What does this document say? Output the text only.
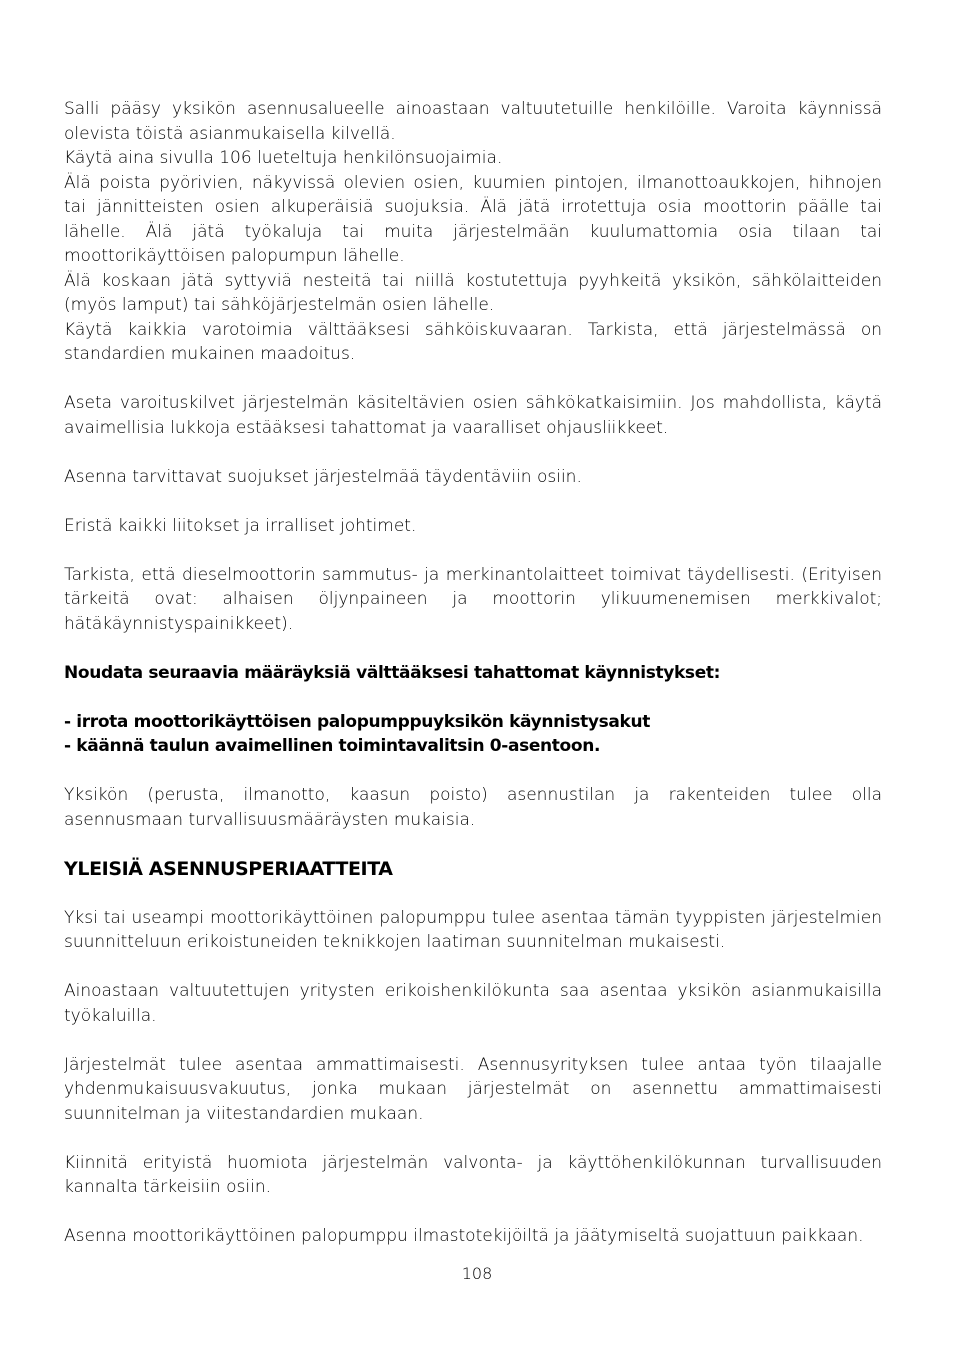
Salli pääsy yksikön asennusalueelle ainoastaan valtuutetuille henkilöille. Varoita käynnissä olevista töistä asianmukaisella kilvellä.

Käytä aina sivulla 106 lueteltuja henkilönsuojaimia.

Älä poista pyörivien, näkyvissä olevien osien, kuumien pintojen, ilmanottoaukkojen, hihnojen tai jännitteisten osien alkuperäisiä suojuksia. Älä jätä irrotettuja osia moottorin päälle tai lähelle. Älä jätä työkaluja tai muita järjestelmään kuulumattomia osia tilaan tai moottorikäyttöisen palopumpun lähelle.

Älä koskaan jätä syttyviä nesteitä tai niillä kostutettuja pyyhkeitä yksikön, sähkölaitteiden (myös lamput) tai sähköjärjestelmän osien lähelle.

Käytä kaikkia varotoimia välttääksesi sähköiskuvaaran. Tarkista, että järjestelmässä on standardien mukainen maadoitus.

Aseta varoituskilvet järjestelmän käsiteltävien osien sähkökatkaisimiin. Jos mahdollista, käytä avaimellisia lukkoja estääksesi tahattomat ja vaaralliset ohjausliikkeet.

Asenna tarvittavat suojukset järjestelmää täydentäviin osiin.

Eristä kaikki liitokset ja irralliset johtimet.

Tarkista, että dieselmoottorin sammutus- ja merkinantolaitteet toimivat täydellisesti. (Erityisen tärkeitä ovat: alhaisen öljynpaineen ja moottorin ylikuumenemisen merkkivalot; hätäkäynnistyspainikkeet).

Noudata seuraavia määräyksiä välttääksesi tahattomat käynnistykset:

- irrota moottorikäyttöisen palopumppuyksikön käynnistysakut

- käännä taulun avaimellinen toimintavalitsin 0-asentoon.

Yksikön (perusta, ilmanotto, kaasun poisto) asennustilan ja rakenteiden tulee olla asennusmaan turvallisuusmääräysten mukaisia.

YLEISIÄ ASENNUSPERIAATTEITA

Yksi tai useampi moottorikäyttöinen palopumppu tulee asentaa tämän tyyppisten järjestelmien suunnitteluun erikoistuneiden teknikkojen laatiman suunnitelman mukaisesti.

Ainoastaan valtuutettujen yritysten erikoishenkilökunta saa asentaa yksikön asianmukaisilla työkaluilla.

Järjestelmät tulee asentaa ammattimaisesti. Asennusyrityksen tulee antaa työn tilaajalle yhdenmukaisuusvakuutus, jonka mukaan järjestelmät on asennettu ammattimaisesti suunnitelman ja viitestandardien mukaan.

Kiinnitä erityistä huomiota järjestelmän valvonta- ja käyttöhenkilökunnan turvallisuuden kannalta tärkeisiin osiin.

Asenna moottorikäyttöinen palopumppu ilmastotekijöiltä ja jäätymiseltä suojattuun paikkaan.

108
